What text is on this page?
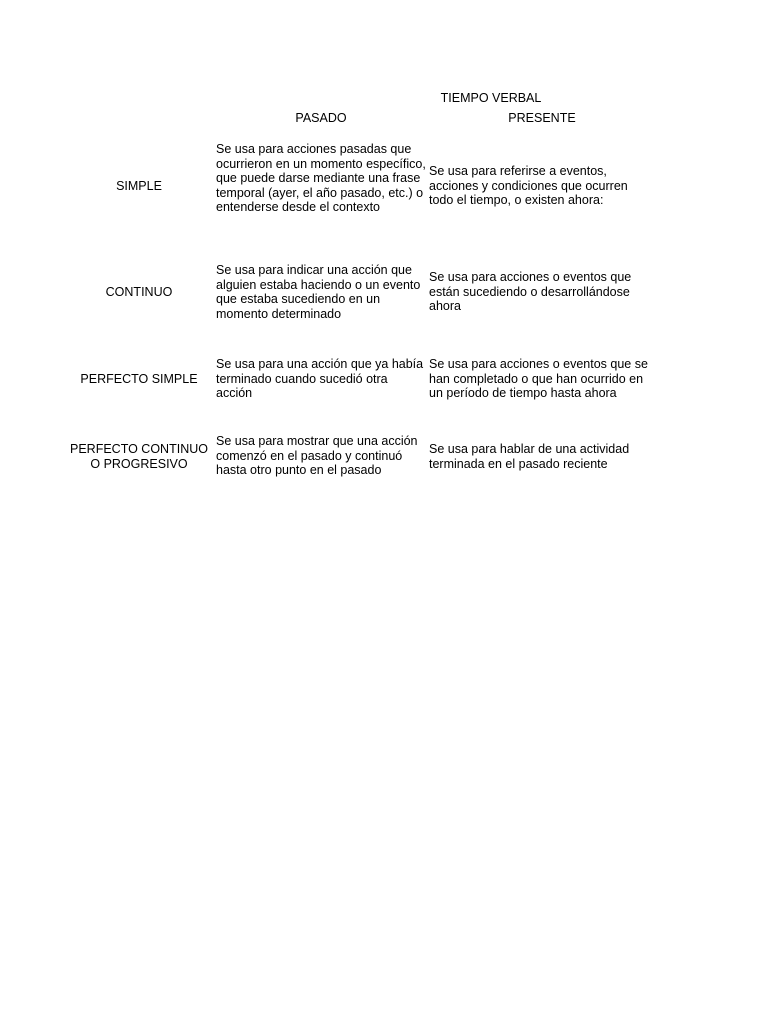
TIEMPO VERBAL
PASADO	PRESENTE
SIMPLE
Se usa para acciones pasadas que ocurrieron en un momento específico, que puede darse mediante una frase temporal (ayer, el año pasado, etc.) o entenderse desde el contexto
Se usa para referirse a eventos, acciones y condiciones que ocurren todo el tiempo, o existen ahora:
CONTINUO
Se usa para indicar una acción que alguien estaba haciendo o un evento que estaba sucediendo en un momento determinado
Se usa para acciones o eventos que están sucediendo o desarrollándose ahora
PERFECTO SIMPLE
Se usa para una acción que ya había terminado cuando sucedió otra acción
Se usa para acciones o eventos que se han completado o que han ocurrido en un período de tiempo hasta ahora
PERFECTO CONTINUO O PROGRESIVO
Se usa para mostrar que una acción comenzó en el pasado y continuó hasta otro punto en el pasado
Se usa para hablar de una actividad terminada en el pasado reciente
